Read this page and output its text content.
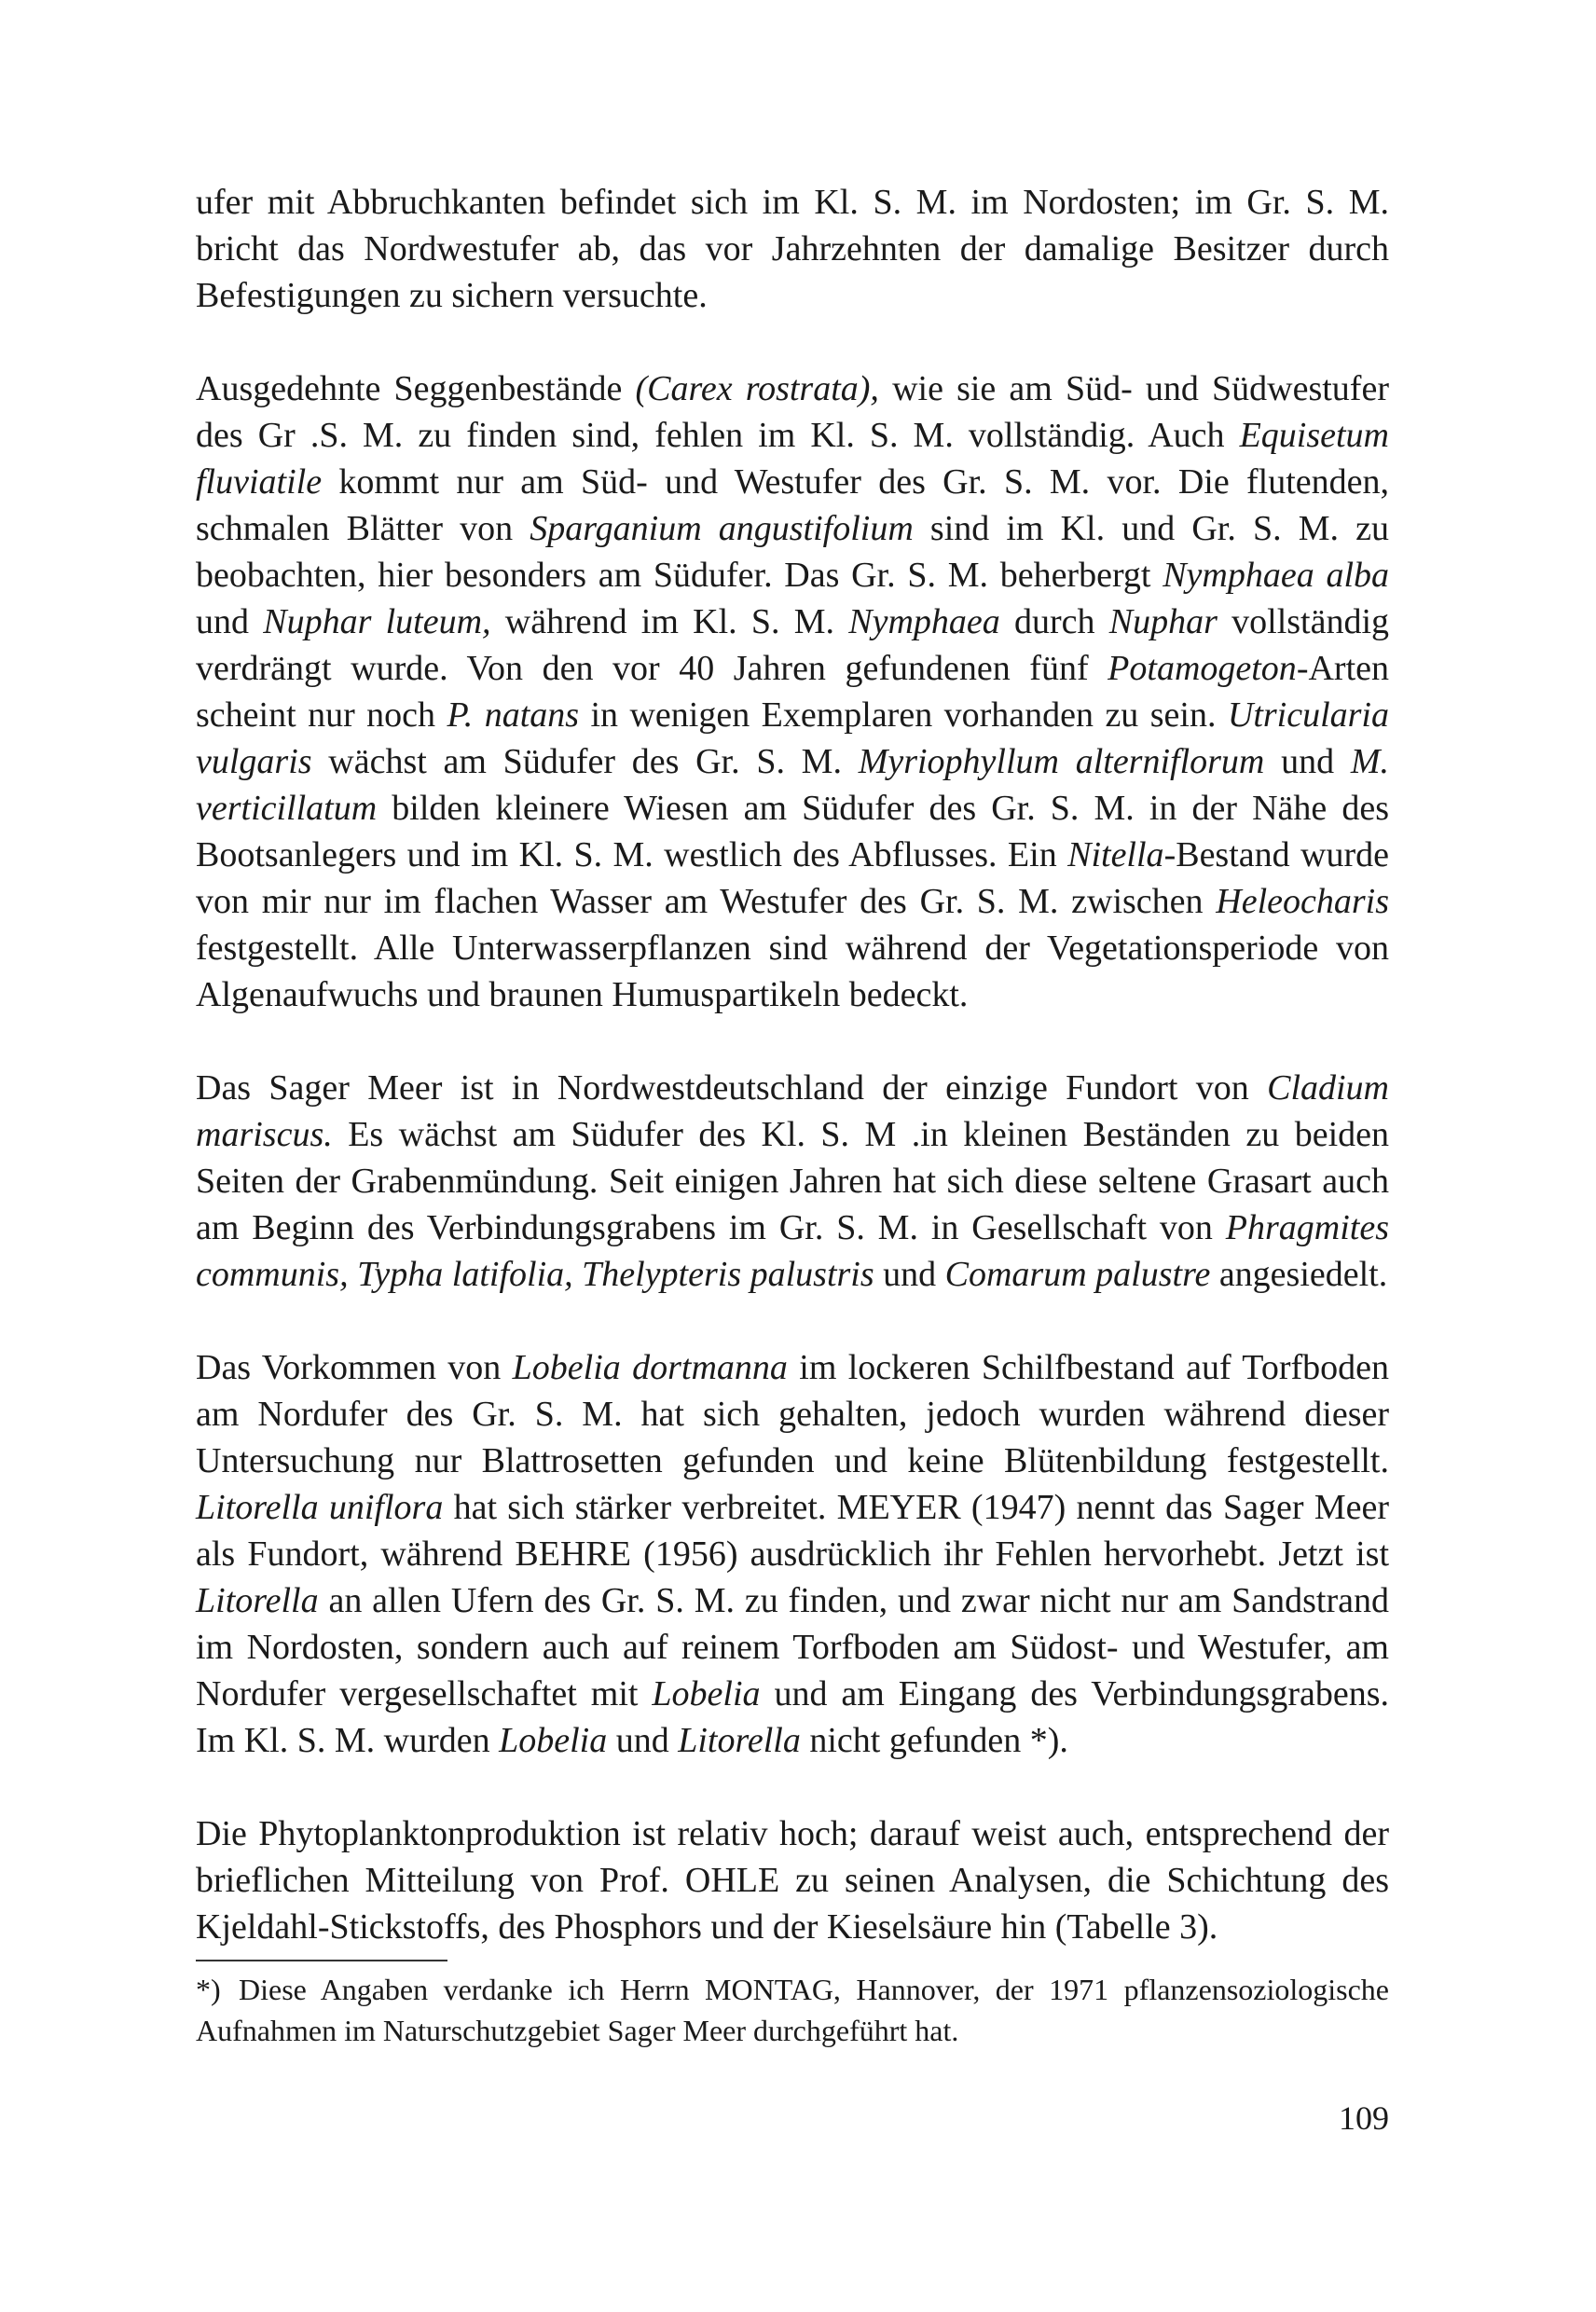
ufer mit Abbruchkanten befindet sich im Kl. S. M. im Nordosten; im Gr. S. M. bricht das Nordwestufer ab, das vor Jahrzehnten der damalige Besitzer durch Befestigungen zu sichern versuchte.

Ausgedehnte Seggenbestände (Carex rostrata), wie sie am Süd- und Südwestufer des Gr .S. M. zu finden sind, fehlen im Kl. S. M. vollständig. Auch Equisetum fluviatile kommt nur am Süd- und Westufer des Gr. S. M. vor. Die flutenden, schmalen Blätter von Sparganium angustifolium sind im Kl. und Gr. S. M. zu beobachten, hier besonders am Südufer. Das Gr. S. M. beherbergt Nymphaea alba und Nuphar luteum, während im Kl. S. M. Nymphaea durch Nuphar vollständig verdrängt wurde. Von den vor 40 Jahren gefundenen fünf Potamogeton-Arten scheint nur noch P. natans in wenigen Exemplaren vorhanden zu sein. Utricularia vulgaris wächst am Südufer des Gr. S. M. Myriophyllum alterniflorum und M. verticillatum bilden kleinere Wiesen am Südufer des Gr. S. M. in der Nähe des Bootsanlegers und im Kl. S. M. westlich des Abflusses. Ein Nitella-Bestand wurde von mir nur im flachen Wasser am Westufer des Gr. S. M. zwischen Heleocharis festgestellt. Alle Unterwasserpflanzen sind während der Vegetationsperiode von Algenaufwuchs und braunen Humuspartikeln bedeckt.

Das Sager Meer ist in Nordwestdeutschland der einzige Fundort von Cladium mariscus. Es wächst am Südufer des Kl. S. M .in kleinen Beständen zu beiden Seiten der Grabenmündung. Seit einigen Jahren hat sich diese seltene Grasart auch am Beginn des Verbindungsgrabens im Gr. S. M. in Gesellschaft von Phragmites communis, Typha latifolia, Thelypteris palustris und Comarum palustre angesiedelt.

Das Vorkommen von Lobelia dortmanna im lockeren Schilfbestand auf Torfboden am Nordufer des Gr. S. M. hat sich gehalten, jedoch wurden während dieser Untersuchung nur Blattrosetten gefunden und keine Blütenbildung festgestellt. Litorella uniflora hat sich stärker verbreitet. MEYER (1947) nennt das Sager Meer als Fundort, während BEHRE (1956) ausdrücklich ihr Fehlen hervorhebt. Jetzt ist Litorella an allen Ufern des Gr. S. M. zu finden, und zwar nicht nur am Sandstrand im Nordosten, sondern auch auf reinem Torfboden am Südost- und Westufer, am Nordufer vergesellschaftet mit Lobelia und am Eingang des Verbindungsgrabens. Im Kl. S. M. wurden Lobelia und Litorella nicht gefunden *).

Die Phytoplanktonproduktion ist relativ hoch; darauf weist auch, entsprechend der brieflichen Mitteilung von Prof. OHLE zu seinen Analysen, die Schichtung des Kjeldahl-Stickstoffs, des Phosphors und der Kieselsäure hin (Tabelle 3).

*) Diese Angaben verdanke ich Herrn MONTAG, Hannover, der 1971 pflanzensoziologische Aufnahmen im Naturschutzgebiet Sager Meer durchgeführt hat.
109
